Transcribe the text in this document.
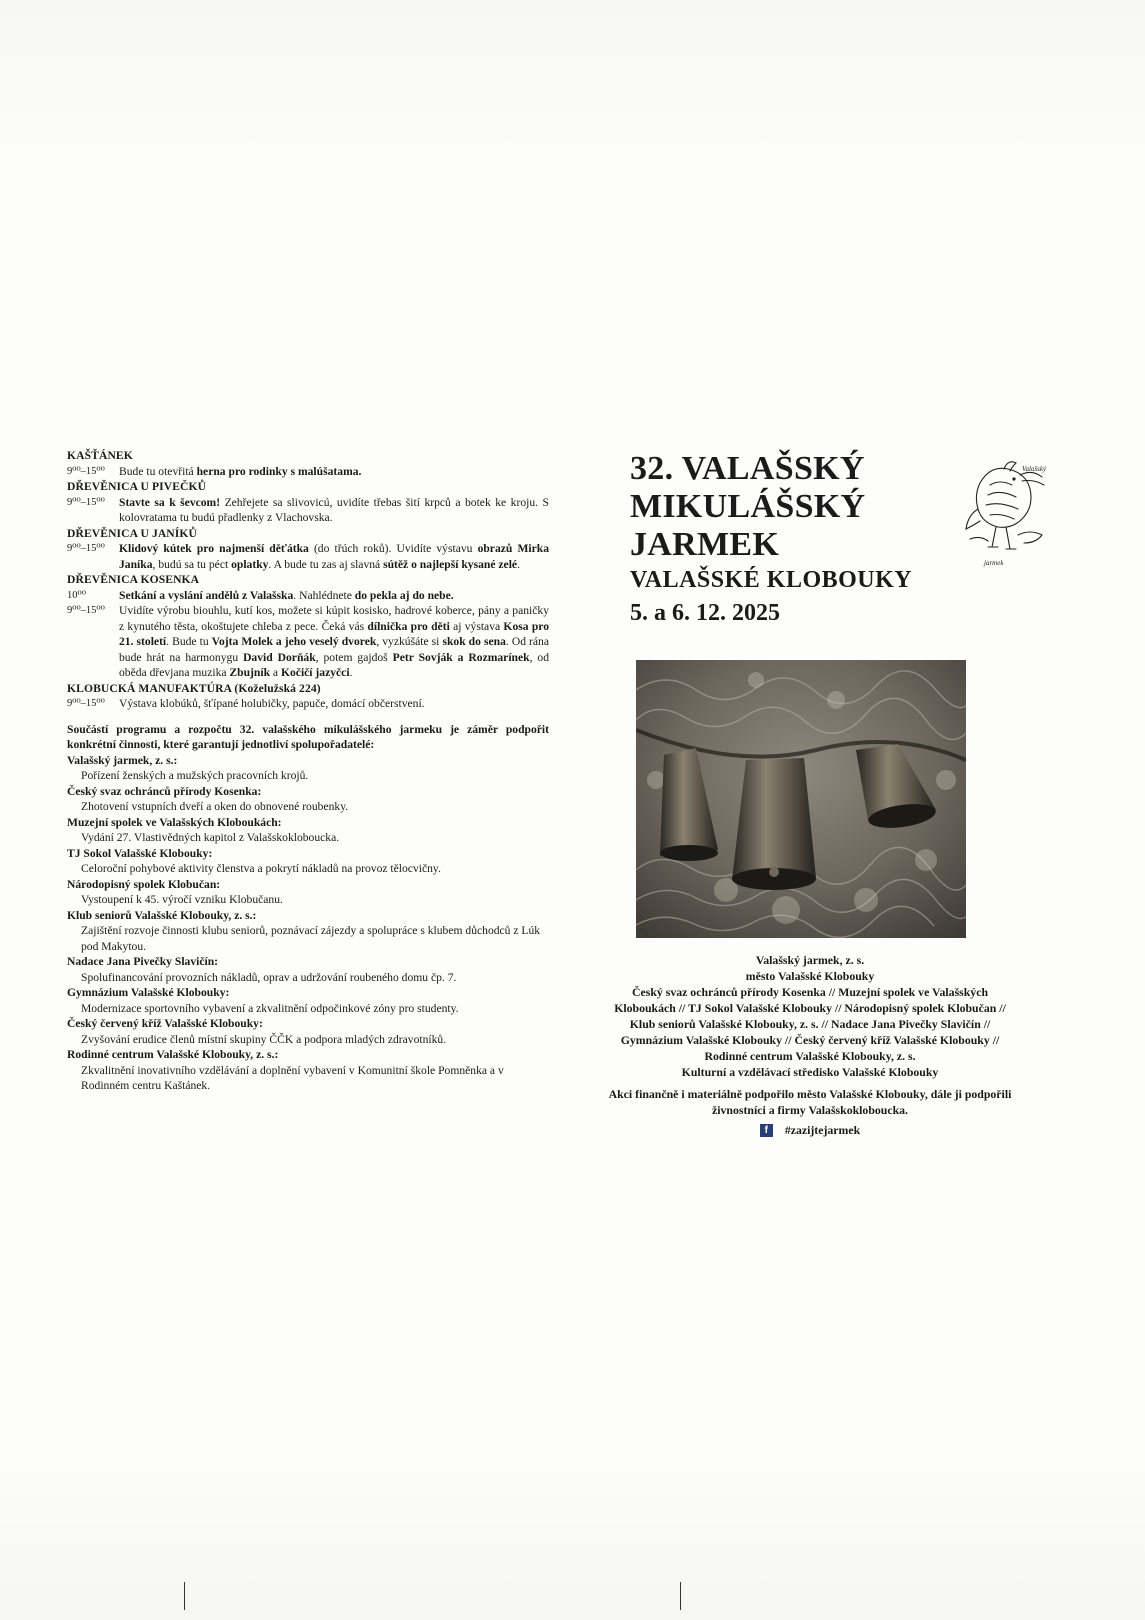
KAŠŤÁNEK
9⁰⁰–15⁰⁰	Bude tu otevřitá herna pro rodinky s malúšatama.
DŘEVĚNICA U PIVEČKŮ
9⁰⁰–15⁰⁰	Stavte sa k ševcom! Zehřejete sa slivovicú, uvidíte třebas šití krpců a botek ke kroju. S kolovratama tu budú přadlenky z Vlachovska.
DŘEVĚNICA U JANÍKŮ
9⁰⁰–15⁰⁰	Klidový kútek pro najmenší děťátka (do třúch roků). Uvidíte výstavu obrazů Mirka Janíka, budú sa tu péct oplatky. A bude tu zas aj slavná sútěž o najlepší kysané zelé.
DŘEVĚNICA KOSENKA
10⁰⁰	Setkání a vyslání andělů z Valašska. Nahlédnete do pekla aj do nebe.
9⁰⁰–15⁰⁰	Uvidíte výrobu biouhlu, kutí kos, možete si kúpit kosisko, hadrové koberce, pány a paničky z kynutého těsta, okoštujete chleba z pece. Čeká vás dílnička pro děti aj výstava Kosa pro 21. století. Bude tu Vojta Molek a jeho veselý dvorek, vyzkúšáte si skok do sena. Od rána bude hrát na harmonygu David Dorňák, potem gajdoš Petr Sovják a Rozmarínek, od oběda dřevjana muzika Zbujník a Kočičí jazyčci.
KLOBUCKÁ MANUFAKTÚRA (Koželužská 224)
9⁰⁰–15⁰⁰	Výstava klobúků, šťípané holubičky, papuče, domácí občerstvení.
Součástí programu a rozpočtu 32. valašského mikulášského jarmeku je záměr podpořit konkrétní činnosti, které garantují jednotliví spolupořadatelé:
Valašský jarmek, z. s.:
Pořízení ženských a mužských pracovních krojů.
Český svaz ochránců přírody Kosenka:
Zhotovení vstupních dveří a oken do obnovené roubenky.
Muzejní spolek ve Valašských Kloboukách:
Vydání 27. Vlastivědných kapitol z Valašskoklobоucka.
TJ Sokol Valašské Klobouky:
Celoroční pohybové aktivity členstva a pokrytí nákladů na provoz tělocvičny.
Národopisný spolek Klobučan:
Vystoupení k 45. výročí vzniku Klobučanu.
Klub seniorů Valašské Klobouky, z. s.:
Zajištění rozvoje činnosti klubu seniorů, poznávací zájezdy a spolupráce s klubem důchodců z Lúk pod Makytou.
Nadace Jana Pivečky Slavičín:
Spolufinancování provozních nákladů, oprav a udržování roubeného domu čp. 7.
Gymnázium Valašské Klobouky:
Modernizace sportovního vybavení a zkvalitnění odpočinkové zóny pro studenty.
Český červený kříž Valašské Klobouky:
Zvyšování erudice členů místní skupiny ČČK a podpora mladých zdravotníků.
Rodinné centrum Valašské Klobouky, z. s.:
Zkvalitnění inovativního vzdělávání a doplnění vybavení v Komunitní škole Pomněnka a v Rodinném centru Kaštánek.
32. VALAŠSKÝ
MIKULÁŠSKÝ
JARMEK
VALAŠSKÉ KLOBOUKY
5. a 6. 12. 2025
Valašský
jarmek
Valašský jarmek, z. s.
město Valašské Klobouky
Český svaz ochránců přírody Kosenka // Muzejní spolek ve Valašských Kloboukách // TJ Sokol Valašské Klobouky // Národopisný spolek Klobučan // Klub seniorů Valašské Klobouky, z. s. // Nadace Jana Pivečky Slavičín // Gymnázium Valašské Klobouky // Český červený kříž Valašské Klobouky // Rodinné centrum Valašské Klobouky, z. s.
Kulturní a vzdělávací středisko Valašské Klobouky
Akci finančně i materiálně podpořilo město Valašské Klobouky, dále ji podpořili živnostníci a firmy Valašskoklobоucka.
f	#zazijtejarmek
